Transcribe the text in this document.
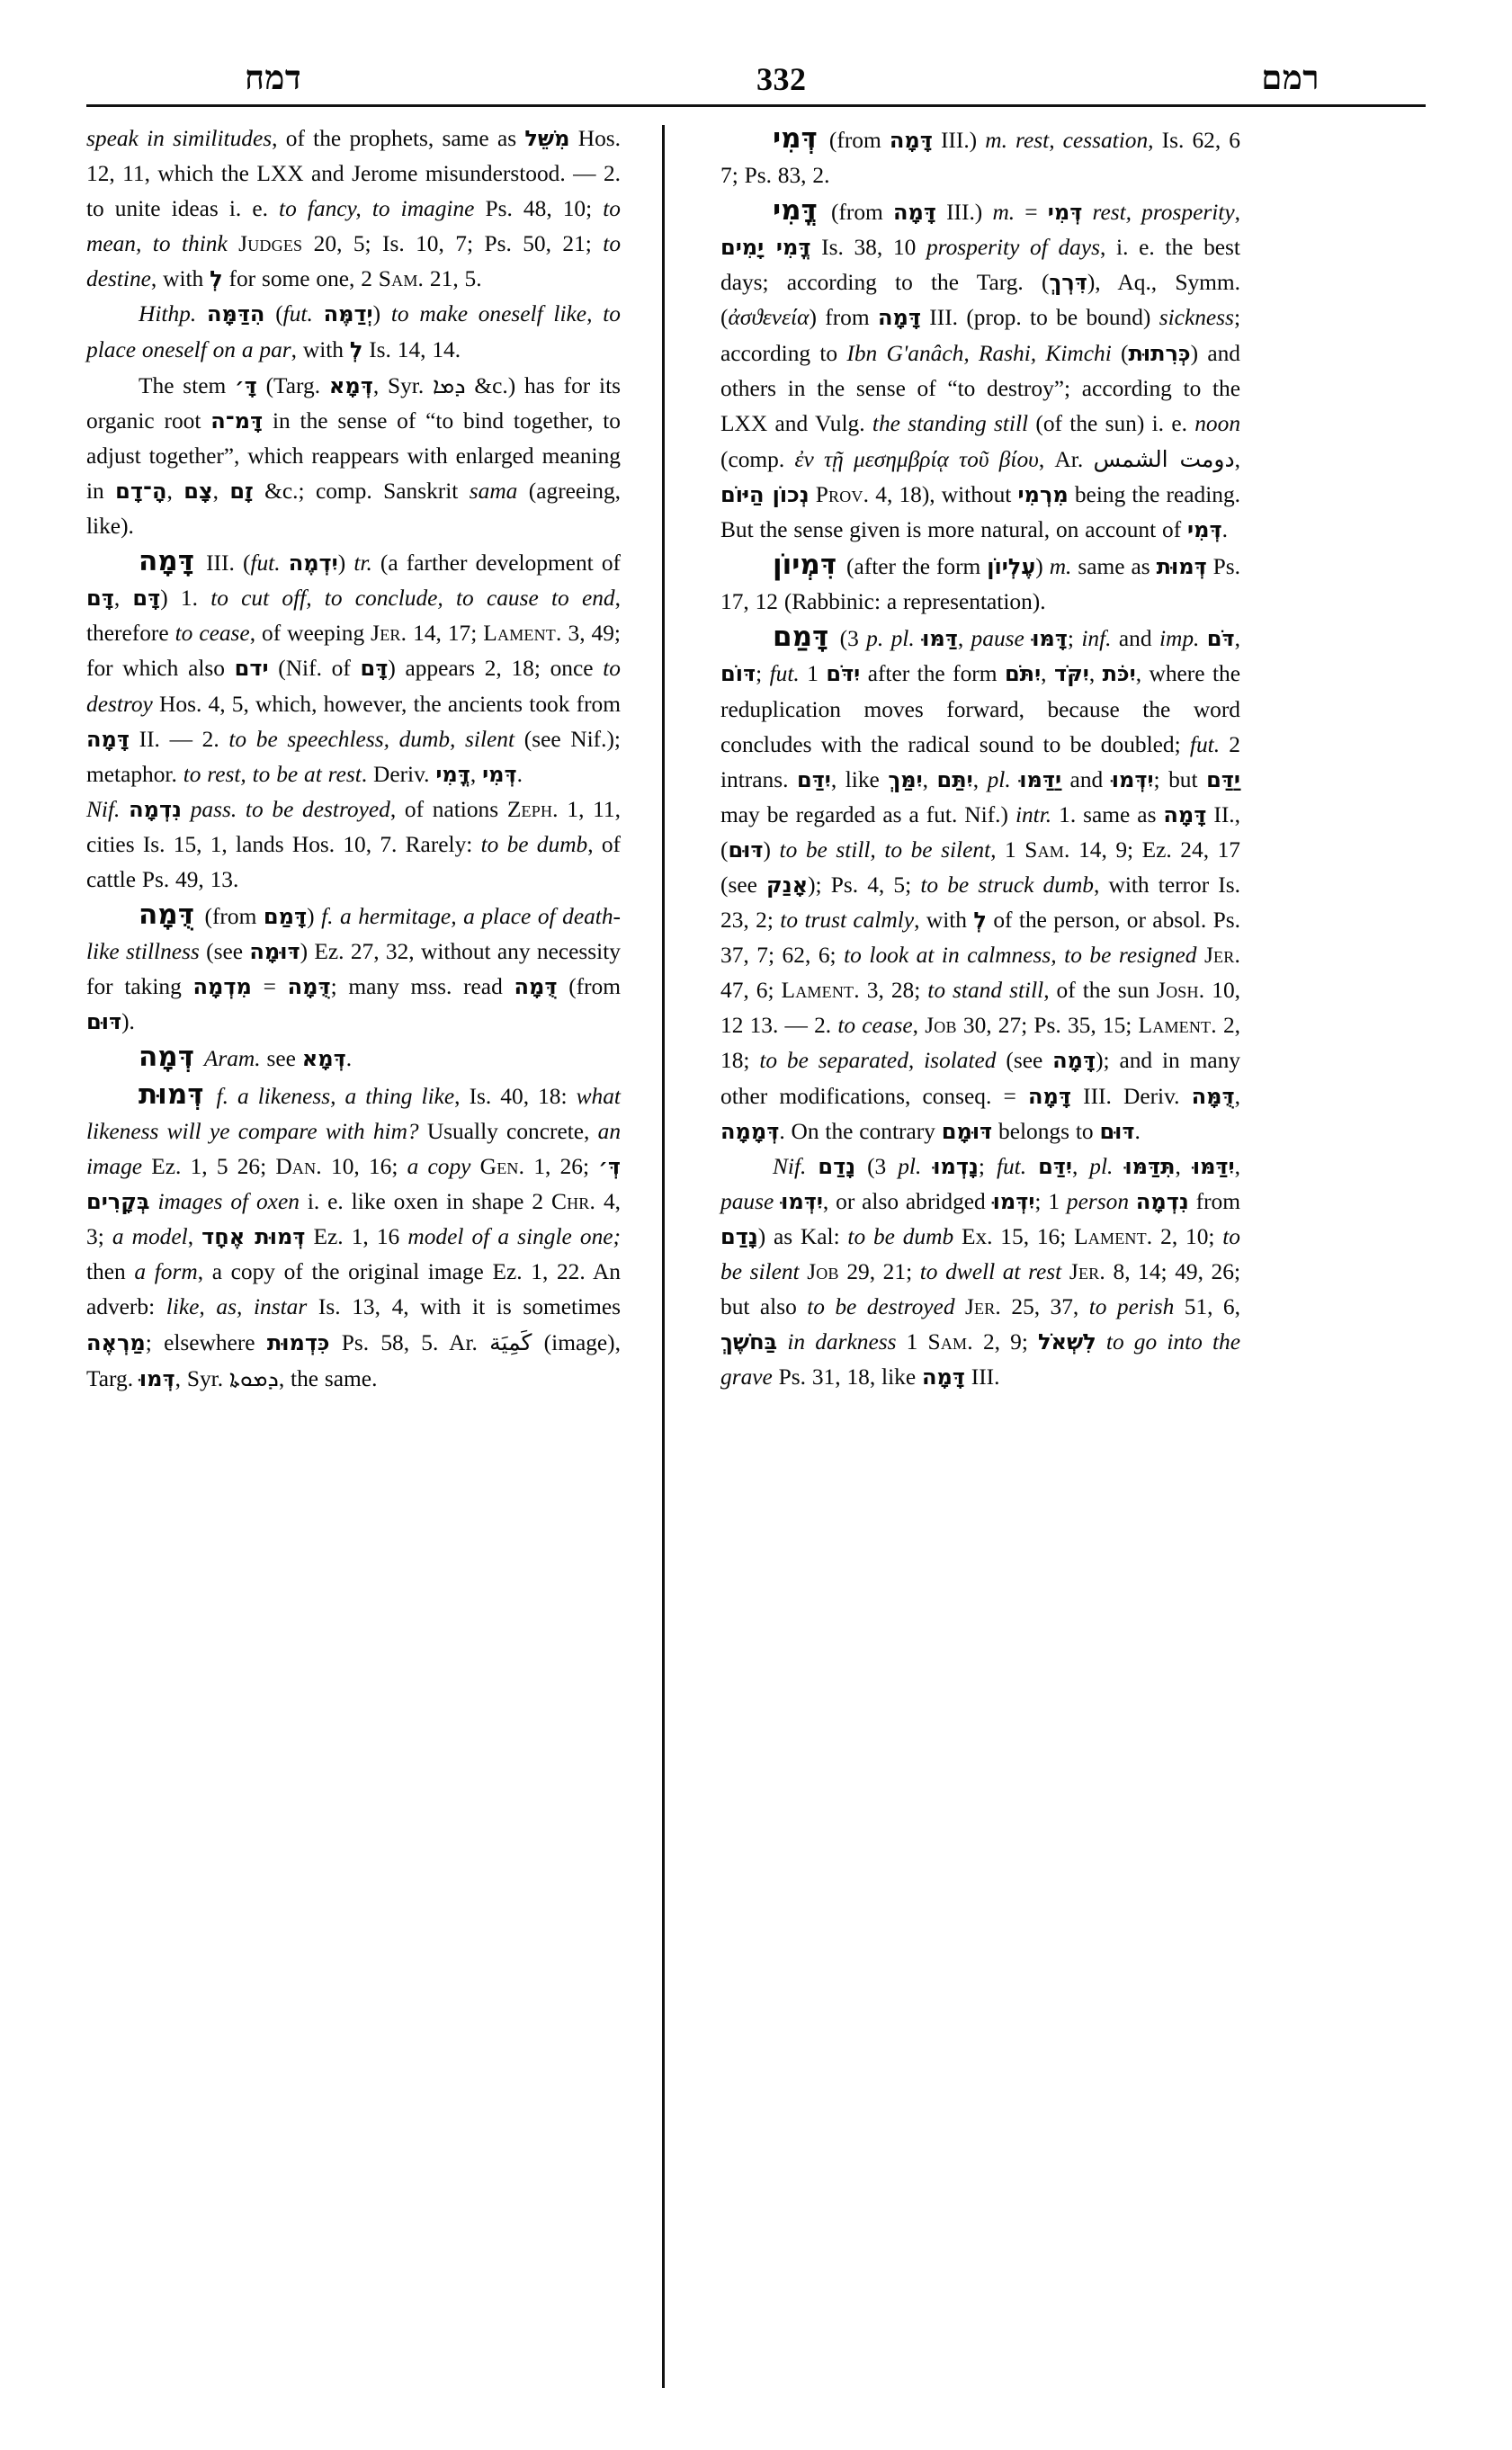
דמח	332	רמם

speak in similitudes, of the prophets, same as מִשֵּׁל Hos. 12, 11, which the LXX and Jerome misunderstood. — 2. to unite ideas i. e. to fancy, to imagine Ps. 48, 10; to mean, to think Judges 20, 5; Is. 10, 7; Ps. 50, 21; to destine, with לְ for some one, 2 Sam. 21, 5.

Hithp. הִדַּמָּה (fut. יְדַמֶּה) to make oneself like, to place oneself on a par, with לְ Is. 14, 14.

The stem דָּ׳ (Targ. דְּמָא, Syr. ܕܡܐ &c.) has for its organic root דָּמ־ה in the sense of “to bind together, to adjust together”, which reappears with enlarged meaning in הָ־דָם, צָם, זָם &c.; comp. Sanskrit sama (agreeing, like).

דָּמָה III. (fut. יִדְמֶה) tr. (a farther development of דָּם, דָּם) 1. to cut off, to conclude, to cause to end, therefore to cease, of weeping Jer. 14, 17; Lament. 3, 49; for which also ידם (Nif. of דָּם) appears 2, 18; once to destroy Hos. 4, 5, which, however, the ancients took from דָּמָה II. — 2. to be speechless, dumb, silent (see Nif.); metaphor. to rest, to be at rest. Deriv. דֳּמִי, דְּמִי.

Nif. נִדְמָה pass. to be destroyed, of nations Zeph. 1, 11, cities Is. 15, 1, lands Hos. 10, 7. Rarely: to be dumb, of cattle Ps. 49, 13.

דֻּמָה (from דָּמַם) f. a hermitage, a place of death-like stillness (see דּוּמָה) Ez. 27, 32, without any necessity for taking מִדְמָה = דֻּמָה; many mss. read דֻּמָה (from דּוּם).

דְּמָה Aram. see דְּמָא.

דְּמוּת f. a likeness, a thing like, Is. 40, 18: what likeness will ye compare with him? Usually concrete, an image Ez. 1, 5 26; Dan. 10, 16; a copy Gen. 1, 26; דְּ׳ בְּקָרִים images of oxen i. e. like oxen in shape 2 Chr. 4, 3; a model, דְּמוּת אֶחָד Ez. 1, 16 model of a single one; then a form, a copy of the original image Ez. 1, 22. An adverb: like, as, instar Is. 13, 4, with it is sometimes מַרְאֶה; elsewhere כִּדְמוּת Ps. 58, 5. Ar. كَمِيَة (image), Targ. דְּמוּ, Syr. ܕܡܘܬܐ, the same.

דְּמִי (from דָּמָה III.) m. rest, cessation, Is. 62, 6 7; Ps. 83, 2.

דֳּמִי (from דָּמָה III.) m. = דְּמִי rest, prosperity, דֳּמִי יָמִים Is. 38, 10 prosperity of days, i. e. the best days; according to the Targ. (דִּרְךְ), Aq., Symm. (ἀσϑενεία) from דָּמָה III. (prop. to be bound) sickness; according to Ibn G'anâch, Rashi, Kimchi (כְּרִתוּת) and others in the sense of “to destroy”; according to the LXX and Vulg. the standing still (of the sun) i. e. noon (comp. ἐν τῇ μεσημβρίᾳ τοῦ βίου, Ar. دومت الشمس, נְכוֹן הַיּוֹם Prov. 4, 18), without מִרְמִי being the reading. But the sense given is more natural, on account of דְּמִי.

דִּמְיוֹן (after the form עֶלְיוֹן) m. same as דְּמוּת Ps. 17, 12 (Rabbinic: a representation).

דָּמַם (3 p. pl. דַּמּוּ, pause דָּמּוּ; inf. and imp. דֹּם, דּוֹם; fut. 1 יִדֹּם after the form יִתֹּם, יִקֹּד, יִכֹּת, where the reduplication moves forward, because the word concludes with the radical sound to be doubled; fut. 2 intrans. יִדַּם, like יִמַּךְ, יִתַּם, pl. יַדַּמּוּ and יִדְּמוּ; but יַדַּם may be regarded as a fut. Nif.) intr. 1. same as דָּמָה II., (דּוּם) to be still, to be silent, 1 Sam. 14, 9; Ez. 24, 17 (see אָנַק); Ps. 4, 5; to be struck dumb, with terror Is. 23, 2; to trust calmly, with לְ of the person, or absol. Ps. 37, 7; 62, 6; to look at in calmness, to be resigned Jer. 47, 6; Lament. 3, 28; to stand still, of the sun Josh. 10, 12 13. — 2. to cease, Job 30, 27; Ps. 35, 15; Lament. 2, 18; to be separated, isolated (see דָּמָה); and in many other modifications, conseq. = דָּמָה III. Deriv. דֻּמָּה, דְּמָמָה. On the contrary דּוּמָם belongs to דּוּם.

Nif. נָדַם (3 pl. נָדְמוּ; fut. יִדַּם, pl. תִּדַּמּוּ, יִדַּמּוּ, pause יִדְּמוּ, or also abridged יִדְּמוּ; 1 person נִדְמָה from נָדַם) as Kal: to be dumb Ex. 15, 16; Lament. 2, 10; to be silent Job 29, 21; to dwell at rest Jer. 8, 14; 49, 26; but also to be destroyed Jer. 25, 37, to perish 51, 6, בַּחֹשֶׁךְ in darkness 1 Sam. 2, 9; לִשְׁאֹל to go into the grave Ps. 31, 18, like דָּמָה III.
